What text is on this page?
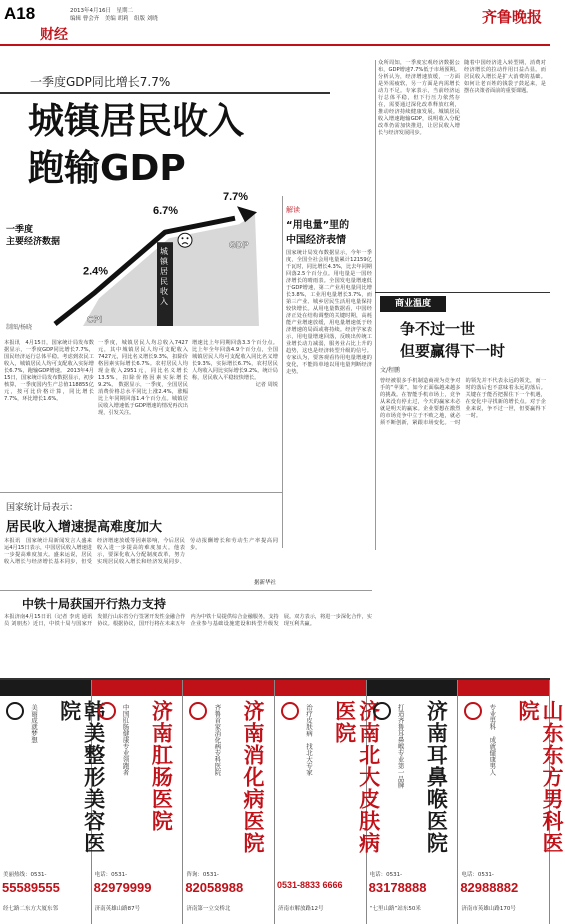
A18	2013年4月16日　星期二
编辑 曹会齐　美编 胡莉　组版 刘晓
财经
齐鲁晚报
一季度GDP同比增长7.7%
城镇居民收入
跑输GDP
2.4%
6.7%
7.7%
CPI
GDP
城
镇
居
民
收
入
一季度
主要经济数据
制图/杨晓
本报讯　4月15日，国家统计局发布数据显示，一季度GDP同比增长7.7%，国民经济运行总体平稳。考虑到农民工收入，城镇居民人均可支配收入实际增长6.7%，跑输GDP增速。 2013年4月15日，国家统计局发布数据显示，初步核算，一季度国内生产总值118855亿元，按可比价格计算，同比增长7.7%，环比增长1.6%。
一季度，城镇居民人均总收入7427元，其中城镇居民人均可支配收入7427元，同比名义增长9.3%，扣除价格因素实际增长6.7%。农村居民人均现金收入2951元，同比名义增长13.5%，扣除价格因素实际增长9.2%。 数据显示，一季度，全国居民消费价格总水平同比上涨2.4%，涨幅比上年同期回落1.4个百分点。城镇居民收入增速低于GDP增速的情况再次出现，引发关注。
增速比上年同期回落3.3个百分点。比上年全年回落4.9个百分点，全国城镇居民人均可支配收入同比名义增长9.3%，实际增长6.7%，农村居民人均收入同比实际增长9.2%。统计局称，居民收入平稳较快增长。
记者 周锐
解读
“用电量”里的
中国经济表情
国家统计局发布数据显示，今年一季度，全国全社会用电量累计12159亿千瓦时，同比增长4.3%，比去年同期回落2.5个百分点。用电量是一国经济增长的晴雨表。全国发电量增速低于GDP增速，第二产业用电量同比增长3.8%，工业用电量增长3.7%，而第三产业、城乡居民生活用电量保持较快增长。从用电量数据看，中国经济正处在结构调整的关键时期，高耗能产业增速放缓，用电量增速低于经济增速的局面或将持续。经济学家表示，用电量增速回落，反映出传统工业增长动力减弱，服务业占比上升的趋势，这也是经济转型升级的信号。专家认为，要客观看待用电量增速的变化，不能简单地以用电量判断经济走势。
众所周知，一季度宏观经济数据公布，GDP增速7.7%低于市场预期。分析认为，经济增速放缓，一方面是外需疲软，另一方面是内需增长动力不足。专家表示，当前经济运行总体平稳，但下行压力依然存在，需要通过深化改革释放红利，推动经济持续健康发展。城镇居民收入增速跑输GDP，说明收入分配改革仍需加快推进，让居民收入增长与经济发展同步。
随着中国经济进入转型期，消费对经济增长的拉动作用日益凸显。而居民收入增长是扩大消费的基础。如何让老百姓的钱袋子鼓起来，是摆在决策者面前的重要课题。
商业温度
争不过一世
但要赢得下一时
文/程鹏
曾经被很多手机制造商视为竞争对手的“苹果”，如今正面临越来越多的挑战。在智能手机市场上，竞争从来没有停止过，今天的赢家未必就是明天的赢家。企业要想在激烈的市场竞争中立于不败之地，就必须不断创新，紧跟市场变化。一时的领先并不代表永远的领先，而一时的落后也不意味着永远的落后。关键在于能否把握住下一个机遇，在变化中寻找新的增长点。对于企业来说，争不过一世，但要赢得下一时。
国家统计局表示：
居民收入增速提高难度加大
本报讯　国家统计局新闻发言人盛来运4月15日表示，中国居民收入增速进一步提高难度加大。盛来运说，居民收入增长与经济增长基本同步，但受经济增速放缓等因素影响，今后居民收入进一步提高的难度加大。他表示，要深化收入分配制度改革，努力实现居民收入增长和经济发展同步、劳动报酬增长和劳动生产率提高同步。
据新华社
中铁十局获国开行热力支持
本报济南4月15日讯（记者 李虎 通讯员 刘朋杰）近日，中铁十局与国家开发银行山东省分行签署开发性金融合作协议。根据协议，国开行将在未来五年内为中铁十局提供综合金融服务，支持企业参与基础设施建设和转型升级发展。双方表示，将进一步深化合作，实现互利共赢。
韩美整形美容医院
美丽成就梦想
美丽热线：0531-
55589555
经七路二东方大厦东邻
济南肛肠医院
中国肛肠健康专业领跑者
电话：0531-
82979999
济南英雄山路87号
济南消化病医院
齐鲁首家消化病专科医院
咨询：0531-
82058988
济南第一立交桥北
济南北大皮肤病医院
治疗皮肤病　找北大专家
0531-8833 6666
济南市解放路12号
济南耳鼻喉医院
打造齐鲁耳鼻喉专业第一品牌
电话：0531-
83178888
“七里山路”站东50米
山东东方男科医院
专业男科　成就健康男人
电话：0531-
82988882
济南市英雄山路170号
